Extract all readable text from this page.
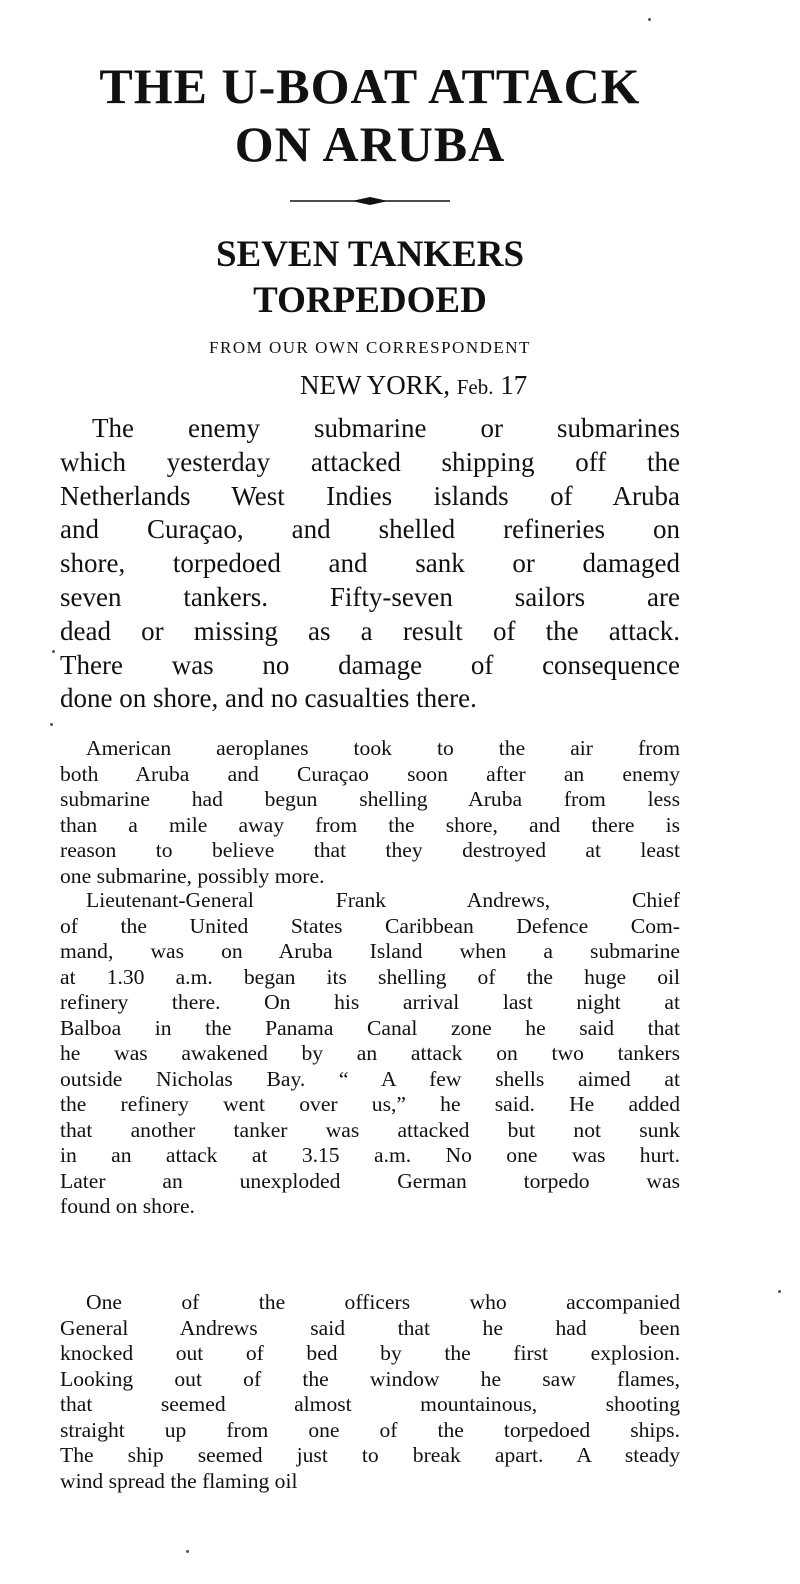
THE U-BOAT ATTACK
ON ARUBA
SEVEN TANKERS
TORPEDOED

FROM OUR OWN CORRESPONDENT

NEW YORK, Feb. 17

The enemy submarine or submarines
which yesterday attacked shipping off the
Netherlands West Indies islands of Aruba
and Curaçao, and shelled refineries on
shore, torpedoed and sank or damaged
seven tankers. Fifty-seven sailors are
dead or missing as a result of the attack.
There was no damage of consequence
done on shore, and no casualties there.
American aeroplanes took to the air from
both Aruba and Curaçao soon after an enemy
submarine had begun shelling Aruba from less
than a mile away from the shore, and there is
reason to believe that they destroyed at least
one submarine, possibly more.
Lieutenant-General Frank Andrews, Chief
of the United States Caribbean Defence Com-
mand, was on Aruba Island when a submarine
at 1.30 a.m. began its shelling of the huge oil
refinery there. On his arrival last night at
Balboa in the Panama Canal zone he said that
he was awakened by an attack on two tankers
outside Nicholas Bay. “ A few shells aimed at
the refinery went over us,” he said. He added
that another tanker was attacked but not sunk
in an attack at 3.15 a.m. No one was hurt.
Later an unexploded German torpedo was
found on shore.
One of the officers who accompanied
General Andrews said that he had been
knocked out of bed by the first explosion.
Looking out of the window he saw flames,
that seemed almost mountainous, shooting
straight up from one of the torpedoed ships.
The ship seemed just to break apart. A steady
wind spread the flaming oil
